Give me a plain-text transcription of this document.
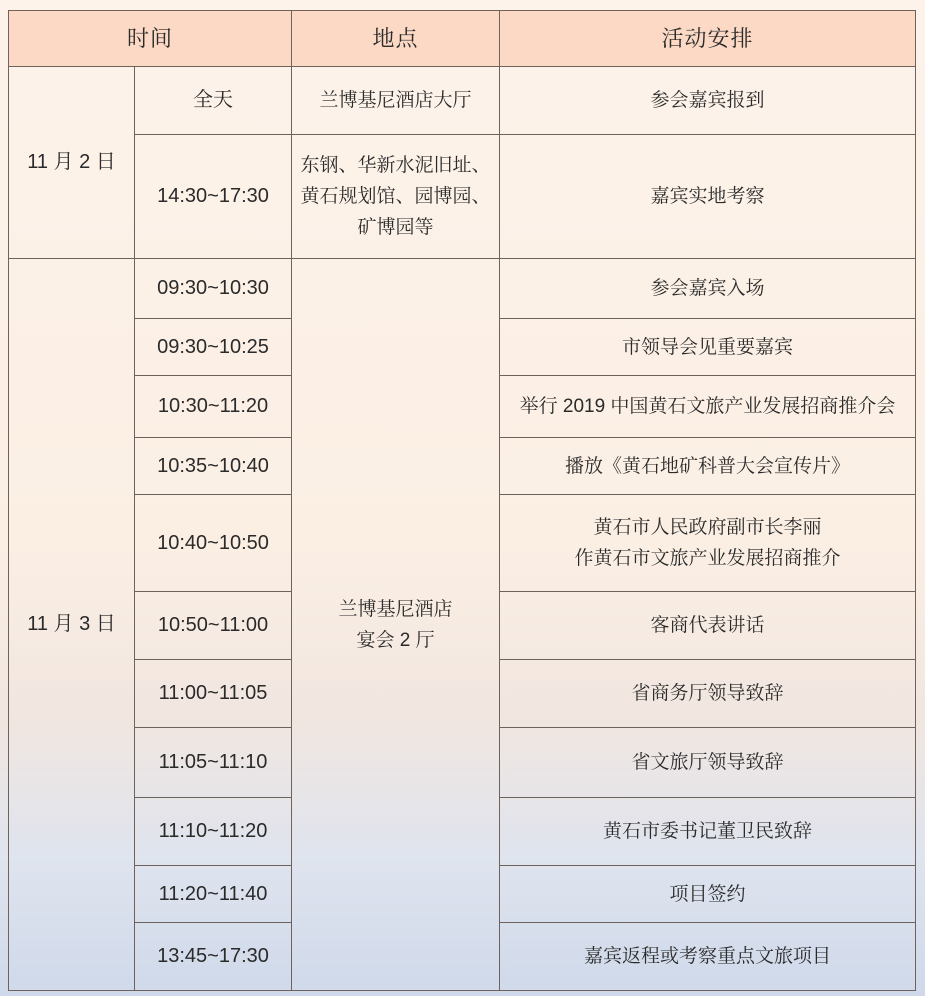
时间		地点	活动安排
11 月 2 日	全天	兰博基尼酒店大厅	参会嘉宾报到

	14:30~17:30	东钢、华新水泥旧址、
黄石规划馆、园博园、
矿博园等	嘉宾实地考察

11 月 3 日	09:30~10:30	兰博基尼酒店
宴会 2 厅	参会嘉宾入场

	09:30~10:25		市领导会见重要嘉宾

	10:30~11:20		举行 2019 中国黄石文旅产业发展招商推介会

	10:35~10:40		播放《黄石地矿科普大会宣传片》

	10:40~10:50		黄石市人民政府副市长李丽
作黄石市文旅产业发展招商推介

	10:50~11:00		客商代表讲话

	11:00~11:05		省商务厅领导致辞

	11:05~11:10		省文旅厅领导致辞

	11:10~11:20		黄石市委书记董卫民致辞

	11:20~11:40		项目签约

	13:45~17:30		嘉宾返程或考察重点文旅项目
